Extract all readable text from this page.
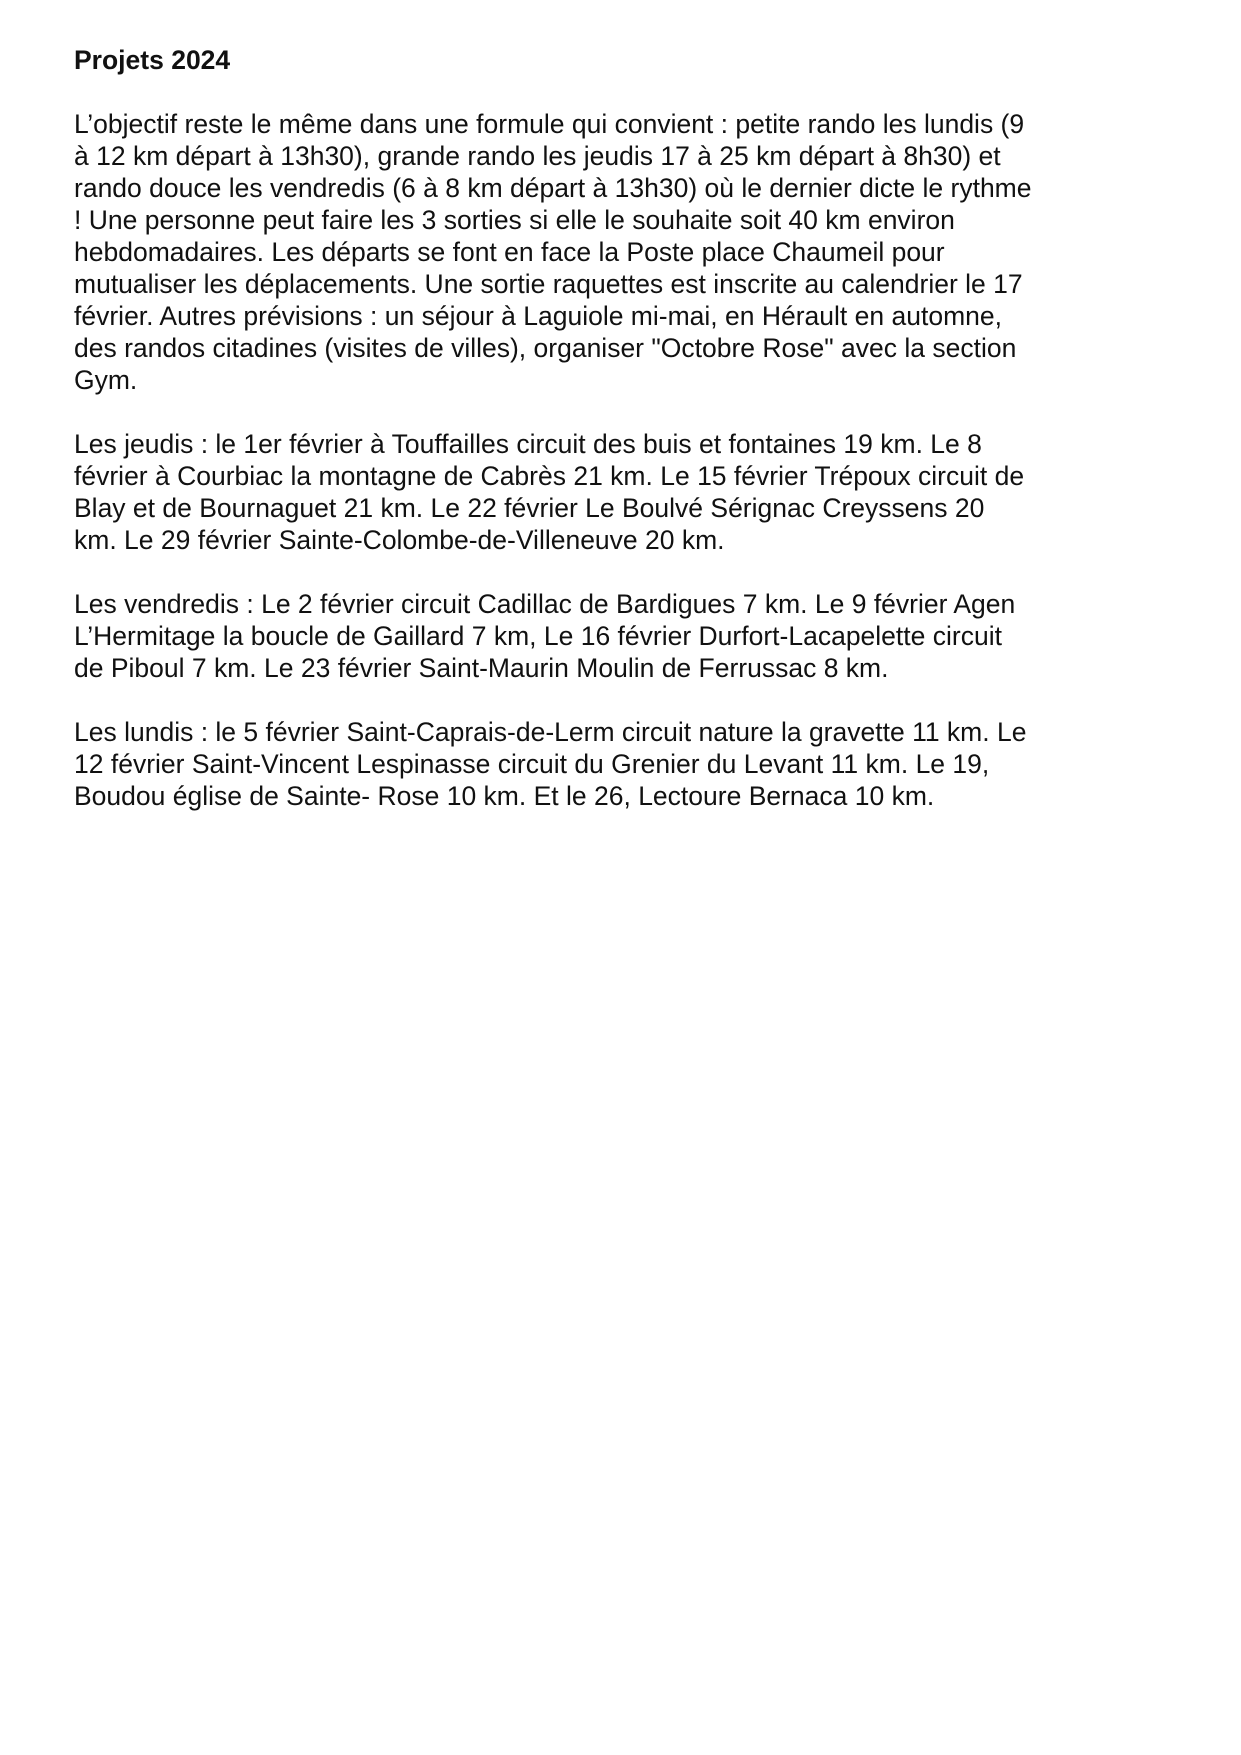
Projets 2024
L’objectif reste le même dans une formule qui convient : petite rando les lundis (9
à 12 km départ à 13h30), grande rando les jeudis 17 à 25 km départ à 8h30) et
rando douce les vendredis (6 à 8 km départ à 13h30) où le dernier dicte le rythme
! Une personne peut faire les 3 sorties si elle le souhaite soit 40 km environ
hebdomadaires. Les départs se font en face la Poste place Chaumeil pour
mutualiser les déplacements. Une sortie raquettes est inscrite au calendrier le 17
février. Autres prévisions : un séjour à Laguiole mi-mai, en Hérault en automne,
des randos citadines (visites de villes), organiser "Octobre Rose" avec la section
Gym.
Les jeudis : le 1er février à Touffailles circuit des buis et fontaines 19 km. Le 8
février à Courbiac la montagne de Cabrès 21 km. Le 15 février Trépoux circuit de
Blay et de Bournaguet 21 km. Le 22 février Le Boulvé Sérignac Creyssens 20
km. Le 29 février Sainte-Colombe-de-Villeneuve 20 km.
Les vendredis : Le 2 février circuit Cadillac de Bardigues 7 km. Le 9 février Agen
L’Hermitage la boucle de Gaillard 7 km, Le 16 février Durfort-Lacapelette circuit
de Piboul 7 km. Le 23 février Saint-Maurin Moulin de Ferrussac 8 km.
Les lundis : le 5 février Saint-Caprais-de-Lerm circuit nature la gravette 11 km. Le
12 février Saint-Vincent Lespinasse circuit du Grenier du Levant 11 km. Le 19,
Boudou église de Sainte- Rose 10 km. Et le 26, Lectoure Bernaca 10 km.
